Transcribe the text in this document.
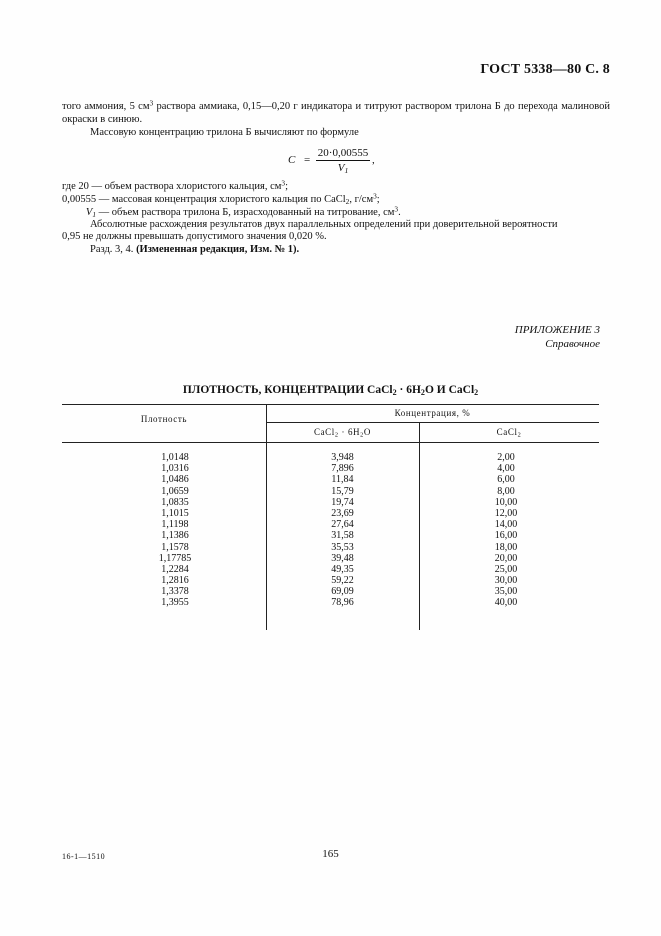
ГОСТ 5338—80 С. 8
того аммония, 5 $см^3$ раствора аммиака, 0,15—0,20 г индикатора и титруют раствором трилона Б до перехода малиновой окраски в синюю.
Массовую концентрацию трилона Б вычисляют по формуле
$C = \frac{20\cdot 0,00555}{V_1}$ ,
где 20 — объем раствора хлористого кальция, $см^3$;
0,00555 — массовая концентрация хлористого кальция по CaCl$_2$, $г/см^3$;
$V_1$ — объем раствора трилона Б, израсходованный на титрование, $см^3$.
Абсолютные расхождения результатов двух параллельных определений при доверительной вероятности
0,95 не должны превышать допустимого значения 0,020 %.
Разд. 3, 4. (Измененная редакция, Изм. № 1).
ПРИЛОЖЕНИЕ 3
Справочное
ПЛОТНОСТЬ, КОНЦЕНТРАЦИИ CaCl$_2$ · $6H_2O$ И CaCl$_2$
Плотность
Концентрация, %
CaCl$_2$ · $6H_2O$	CaCl$_2$
1,0148	3,948	2,00
1,0316	7,896	4,00
1,0486	11,84	6,00
1,0659	15,79	8,00
1,0835	19,74	10,00
1,1015	23,69	12,00
1,1198	27,64	14,00
1,1386	31,58	16,00
1,1578	35,53	18,00
1,17785	39,48	20,00
1,2284	49,35	25,00
1,2816	59,22	30,00
1,3378	69,09	35,00
1,3955	78,96	40,00
16-1—1510	165
